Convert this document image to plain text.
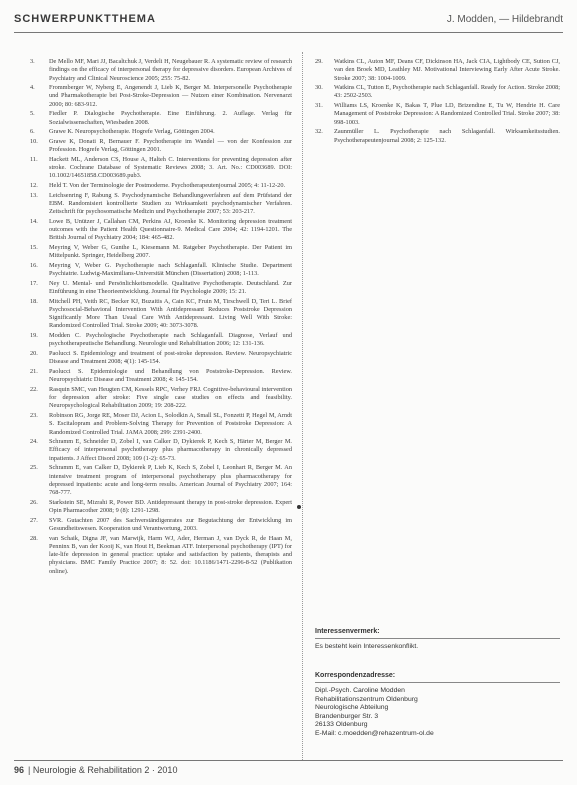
SCHWERPUNKTTHEMA	J. Modden, — Hildebrandt
3.	De Mello MF, Mari JJ, Bacaltchuk J, Verdeli H, Neugebauer R. A systematic review of research findings on the efficacy of interpersonal therapy for depressive disorders. European Archives of Psychiatry and Clinical Neuroscience 2005; 255: 75-82.
4.	Frommberger W, Nyberg E, Angenendt J, Lieb K, Berger M. Interpersonelle Psychotherapie und Pharmakotherapie bei Post-Stroke-Depression — Nutzen einer Kombination. Nervenarzt 2000; 80: 683-912.
5.	Fiedler P. Dialogische Psychotherapie. Eine Einführung. 2. Auflage. Verlag für Sozialwissenschaften, Wiesbaden 2008.
6.	Grawe K. Neuropsychotherapie. Hogrefe Verlag, Göttingen 2004.
10.	Grawe K, Donati R, Bernauer F. Psychotherapie im Wandel — von der Konfession zur Profession. Hogrefe Verlag, Göttingen 2001.
11.	Hackett ML, Anderson CS, House A, Halteh C. Interventions for preventing depression after stroke. Cochrane Database of Systematic Reviews 2008; 3. Art. No.: CD003689. DOI: 10.1002/14651858.CD003689.pub3.
12.	Held T. Von der Terminologie der Postmoderne. Psychotherapeutenjournal 2005; 4: 11-12-20.
13.	Leichsenring F, Rabung S. Psychodynamische Behandlungsverfahren auf dem Prüfstand der EBM. Randomisiert kontrollierte Studien zu Wirksamkeit psychodynamischer Verfahren. Zeitschrift für psychosomatische Medizin und Psychotherapie 2007; 53: 203-217.
14.	Lowe B, Unützer J, Callahan CM, Perkins AJ, Kroenke K. Monitoring depression treatment outcomes with the Patient Health Questionnaire-9. Medical Care 2004; 42: 1194-1201. The British Journal of Psychiatry 2004; 184: 465-482.
15.	Meyring V, Weber G, Gunthe L, Kiesemann M. Ratgeber Psychotherapie. Der Patient im Mittelpunkt. Springer, Heidelberg 2007.
16.	Meyring V, Weber G. Psychotherapie nach Schlaganfall. Klinische Studie. Department Psychiatrie. Ludwig-Maximilians-Universität München (Dissertation) 2008; 1-113.
17.	Ney U. Mental- und Persönlichkeitsmodelle. Qualitative Psychotherapie. Deutschland. Zur Einführung in eine Theorieentwicklung. Journal für Psychologie 2009; 15: 21.
18.	Mitchell PH, Veith RC, Becker KJ, Buzaitis A, Cain KC, Fruin M, Tirschwell D, Teri L. Brief Psychosocial-Behavioral Intervention With Antidepressant Reduces Poststroke Depression Significantly More Than Usual Care With Antidepressant. Living Well With Stroke: Randomized Controlled Trial. Stroke 2009; 40: 3073-3078.
19.	Modden C. Psychologische Psychotherapie nach Schlaganfall. Diagnose, Verlauf und psychotherapeutische Behandlung. Neurologie und Rehabilitation 2006; 12: 131-136.
20.	Paolucci S. Epidemiology and treatment of post-stroke depression. Review. Neuropsychiatric Disease and Treatment 2008; 4(1): 145-154.
21.	Paolucci S. Epidemiologie und Behandlung von Poststroke-Depression. Review. Neuropsychiatric Disease and Treatment 2008; 4: 145-154.
22.	Rasquin SMC, van Heugten CM, Kessels RPC, Verhey FRJ. Cognitive-behavioural intervention for depression after stroke: Five single case studies on effects and feasibility. Neuropsychological Rehabilitation 2009; 19: 208-222.
23.	Robinson RG, Jorge RE, Moser DJ, Acion L, Solodkin A, Small SL, Fonzetti P, Hegel M, Arndt S. Escitalopram and Problem-Solving Therapy for Prevention of Poststroke Depression: A Randomized Controlled Trial. JAMA 2008; 299: 2391-2400.
24.	Schramm E, Schneider D, Zobel I, van Calker D, Dykierek P, Kech S, Härter M, Berger M. Efficacy of interpersonal psychotherapy plus pharmacotherapy in chronically depressed inpatients. J Affect Disord 2008; 109 (1-2): 65-73.
25.	Schramm E, van Calker D, Dykierek P, Lieb K, Kech S, Zobel I, Leonhart R, Berger M. An intensive treatment program of interpersonal psychotherapy plus pharmacotherapy for depressed inpatients: acute and long-term results. American Journal of Psychiatry 2007; 164: 768-777.
26.	Starkstein SE, Mizrahi R, Power BD. Antidepressant therapy in post-stroke depression. Expert Opin Pharmacother 2008; 9 (8): 1291-1298.
27.	SVR. Gutachten 2007 des Sachverständigenrates zur Begutachtung der Entwicklung im Gesundheitswesen. Kooperation und Verantwortung, 2003.
28.	van Schaik, Digna JF, van Marwijk, Harm WJ, Ader, Herman J, van Dyck R, de Haan M, Penninx B, van der Kooij K, van Hout H, Beekman ATF. Interpersonal psychotherapy (IPT) for late-life depression in general practice: uptake and satisfaction by patients, therapists and physicians. BMC Family Practice 2007; 8: 52. doi: 10.1186/1471-2296-8-52 (Publikation online).
29.	Watkins CL, Auton MF, Deans CF, Dickinson HA, Jack CIA, Lightbody CE, Sutton CJ, van den Broek MD, Leathley MJ. Motivational Interviewing Early After Acute Stroke. Stroke 2007; 38: 1004-1009.
30.	Watkins CL, Tutton E, Psychotherapie nach Schlaganfall. Ready for Action. Stroke 2008; 43: 2502-2503.
31.	Williams LS, Kroenke K, Bakas T, Plue LD, Brizendine E, Tu W, Hendrie H. Care Management of Poststroke Depression: A Randomized Controlled Trial. Stroke 2007; 38: 998-1003.
32.	Zaunmüller L. Psychotherapie nach Schlaganfall. Wirksamkeitsstudien. Psychotherapeutenjournal 2008; 2: 125-132.
Interessenvermerk:
Es besteht kein Interessenkonflikt.
Korrespondenzadresse:
Dipl.-Psych. Caroline Modden
Rehabilitationszentrum Oldenburg
Neurologische Abteilung
Brandenburger Str. 3
26133 Oldenburg
E-Mail: c.moedden@rehazentrum-ol.de
96 | Neurologie & Rehabilitation 2 · 2010
